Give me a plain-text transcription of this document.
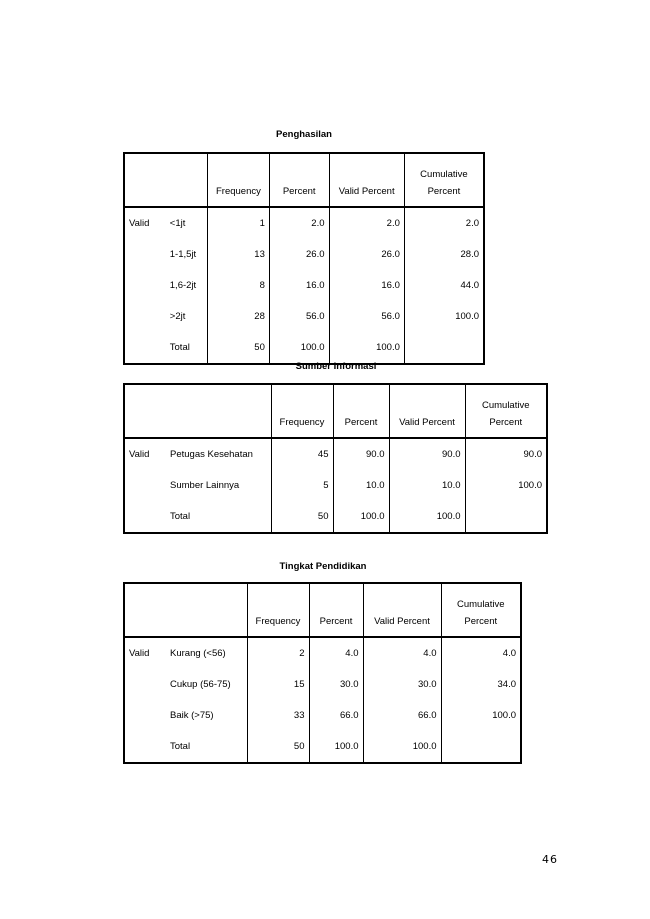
Penghasilan
		Frequency	Percent	Valid Percent	Cumulative
Percent
Valid	<1jt	1	2.0	2.0	2.0
	1-1,5jt	13	26.0	26.0	28.0
	1,6-2jt	8	16.0	16.0	44.0
	>2jt	28	56.0	56.0	100.0
	Total	50	100.0	100.0	
Sumber Informasi
		Frequency	Percent	Valid Percent	Cumulative
Percent
Valid	Petugas Kesehatan	45	90.0	90.0	90.0
	Sumber Lainnya	5	10.0	10.0	100.0
	Total	50	100.0	100.0	
Tingkat Pendidikan
		Frequency	Percent	Valid Percent	Cumulative
Percent
Valid	Kurang (<56)	2	4.0	4.0	4.0
	Cukup (56-75)	15	30.0	30.0	34.0
	Baik (>75)	33	66.0	66.0	100.0
	Total	50	100.0	100.0	
46
